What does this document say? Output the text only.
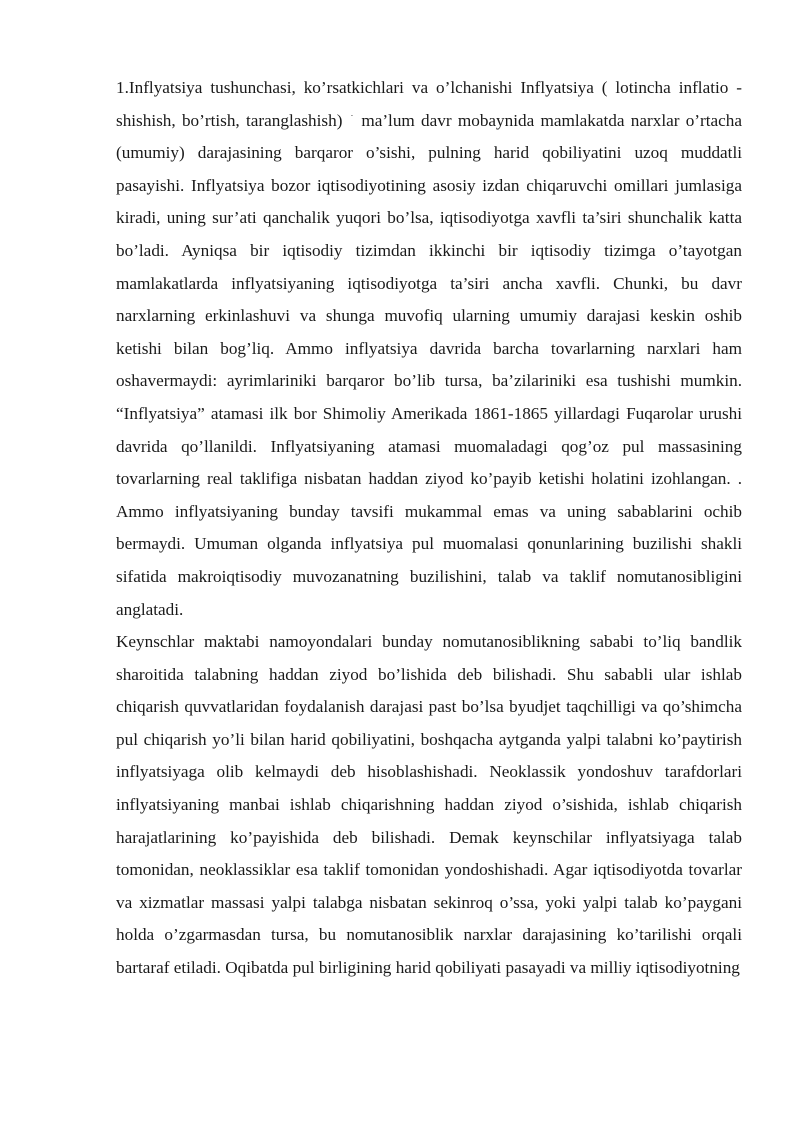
1.Inflyatsiya tushunchasi, ko’rsatkichlari va o’lchanishi Inflyatsiya ( lotincha inflatio - shishish, bo’rtish, taranglashish) - ma’lum davr mobaynida mamlakatda narxlar o’rtacha (umumiy) darajasining barqaror o’sishi, pulning harid qobiliyatini uzoq muddatli pasayishi. Inflyatsiya bozor iqtisodiyotining asosiy izdan chiqaruvchi omillari jumlasiga kiradi, uning sur’ati qanchalik yuqori bo’lsa, iqtisodiyotga xavfli ta’siri shunchalik katta bo’ladi. Ayniqsa bir iqtisodiy tizimdan ikkinchi bir iqtisodiy tizimga o’tayotgan mamlakatlarda inflyatsiyaning iqtisodiyotga ta’siri ancha xavfli. Chunki, bu davr narxlarning erkinlashuvi va shunga muvofiq ularning umumiy darajasi keskin oshib ketishi bilan bog’liq. Ammo inflyatsiya davrida barcha tovarlarning narxlari ham oshavermaydi: ayrimlariniki barqaror bo’lib tursa, ba’zilariniki esa tushishi mumkin. “Inflyatsiya” atamasi ilk bor Shimoliy Amerikada 1861-1865 yillardagi Fuqarolar urushi davrida qo’llanildi. Inflyatsiyaning atamasi muomaladagi qog’oz pul massasining tovarlarning real taklifiga nisbatan haddan ziyod ko’payib ketishi holatini izohlangan. . Ammo inflyatsiyaning bunday tavsifi mukammal emas va uning sabablarini ochib bermaydi. Umuman olganda inflyatsiya pul muomalasi qonunlarining buzilishi shakli sifatida makroiqtisodiy muvozanatning buzilishini, talab va taklif nomutanosibligini anglatadi.

Keynschlar maktabi namoyondalari bunday nomutanosiblikning sababi to’liq bandlik sharoitida talabning haddan ziyod bo’lishida deb bilishadi. Shu sababli ular ishlab chiqarish quvvatlaridan foydalanish darajasi past bo’lsa byudjet taqchilligi va qo’shimcha pul chiqarish yo’li bilan harid qobiliyatini, boshqacha aytganda yalpi talabni ko’paytirish inflyatsiyaga olib kelmaydi deb hisoblashishadi. Neoklassik yondoshuv tarafdorlari inflyatsiyaning manbai ishlab chiqarishning haddan ziyod o’sishida, ishlab chiqarish harajatlarining ko’payishida deb bilishadi. Demak keynschilar inflyatsiyaga talab tomonidan, neoklassiklar esa taklif tomonidan yondoshishadi. Agar iqtisodiyotda tovarlar va xizmatlar massasi yalpi talabga nisbatan sekinroq o’ssa, yoki yalpi talab ko’paygani holda o’zgarmasdan tursa, bu nomutanosiblik narxlar darajasining ko’tarilishi orqali bartaraf etiladi. Oqibatda pul birligining harid qobiliyati pasayadi va milliy iqtisodiyotning
